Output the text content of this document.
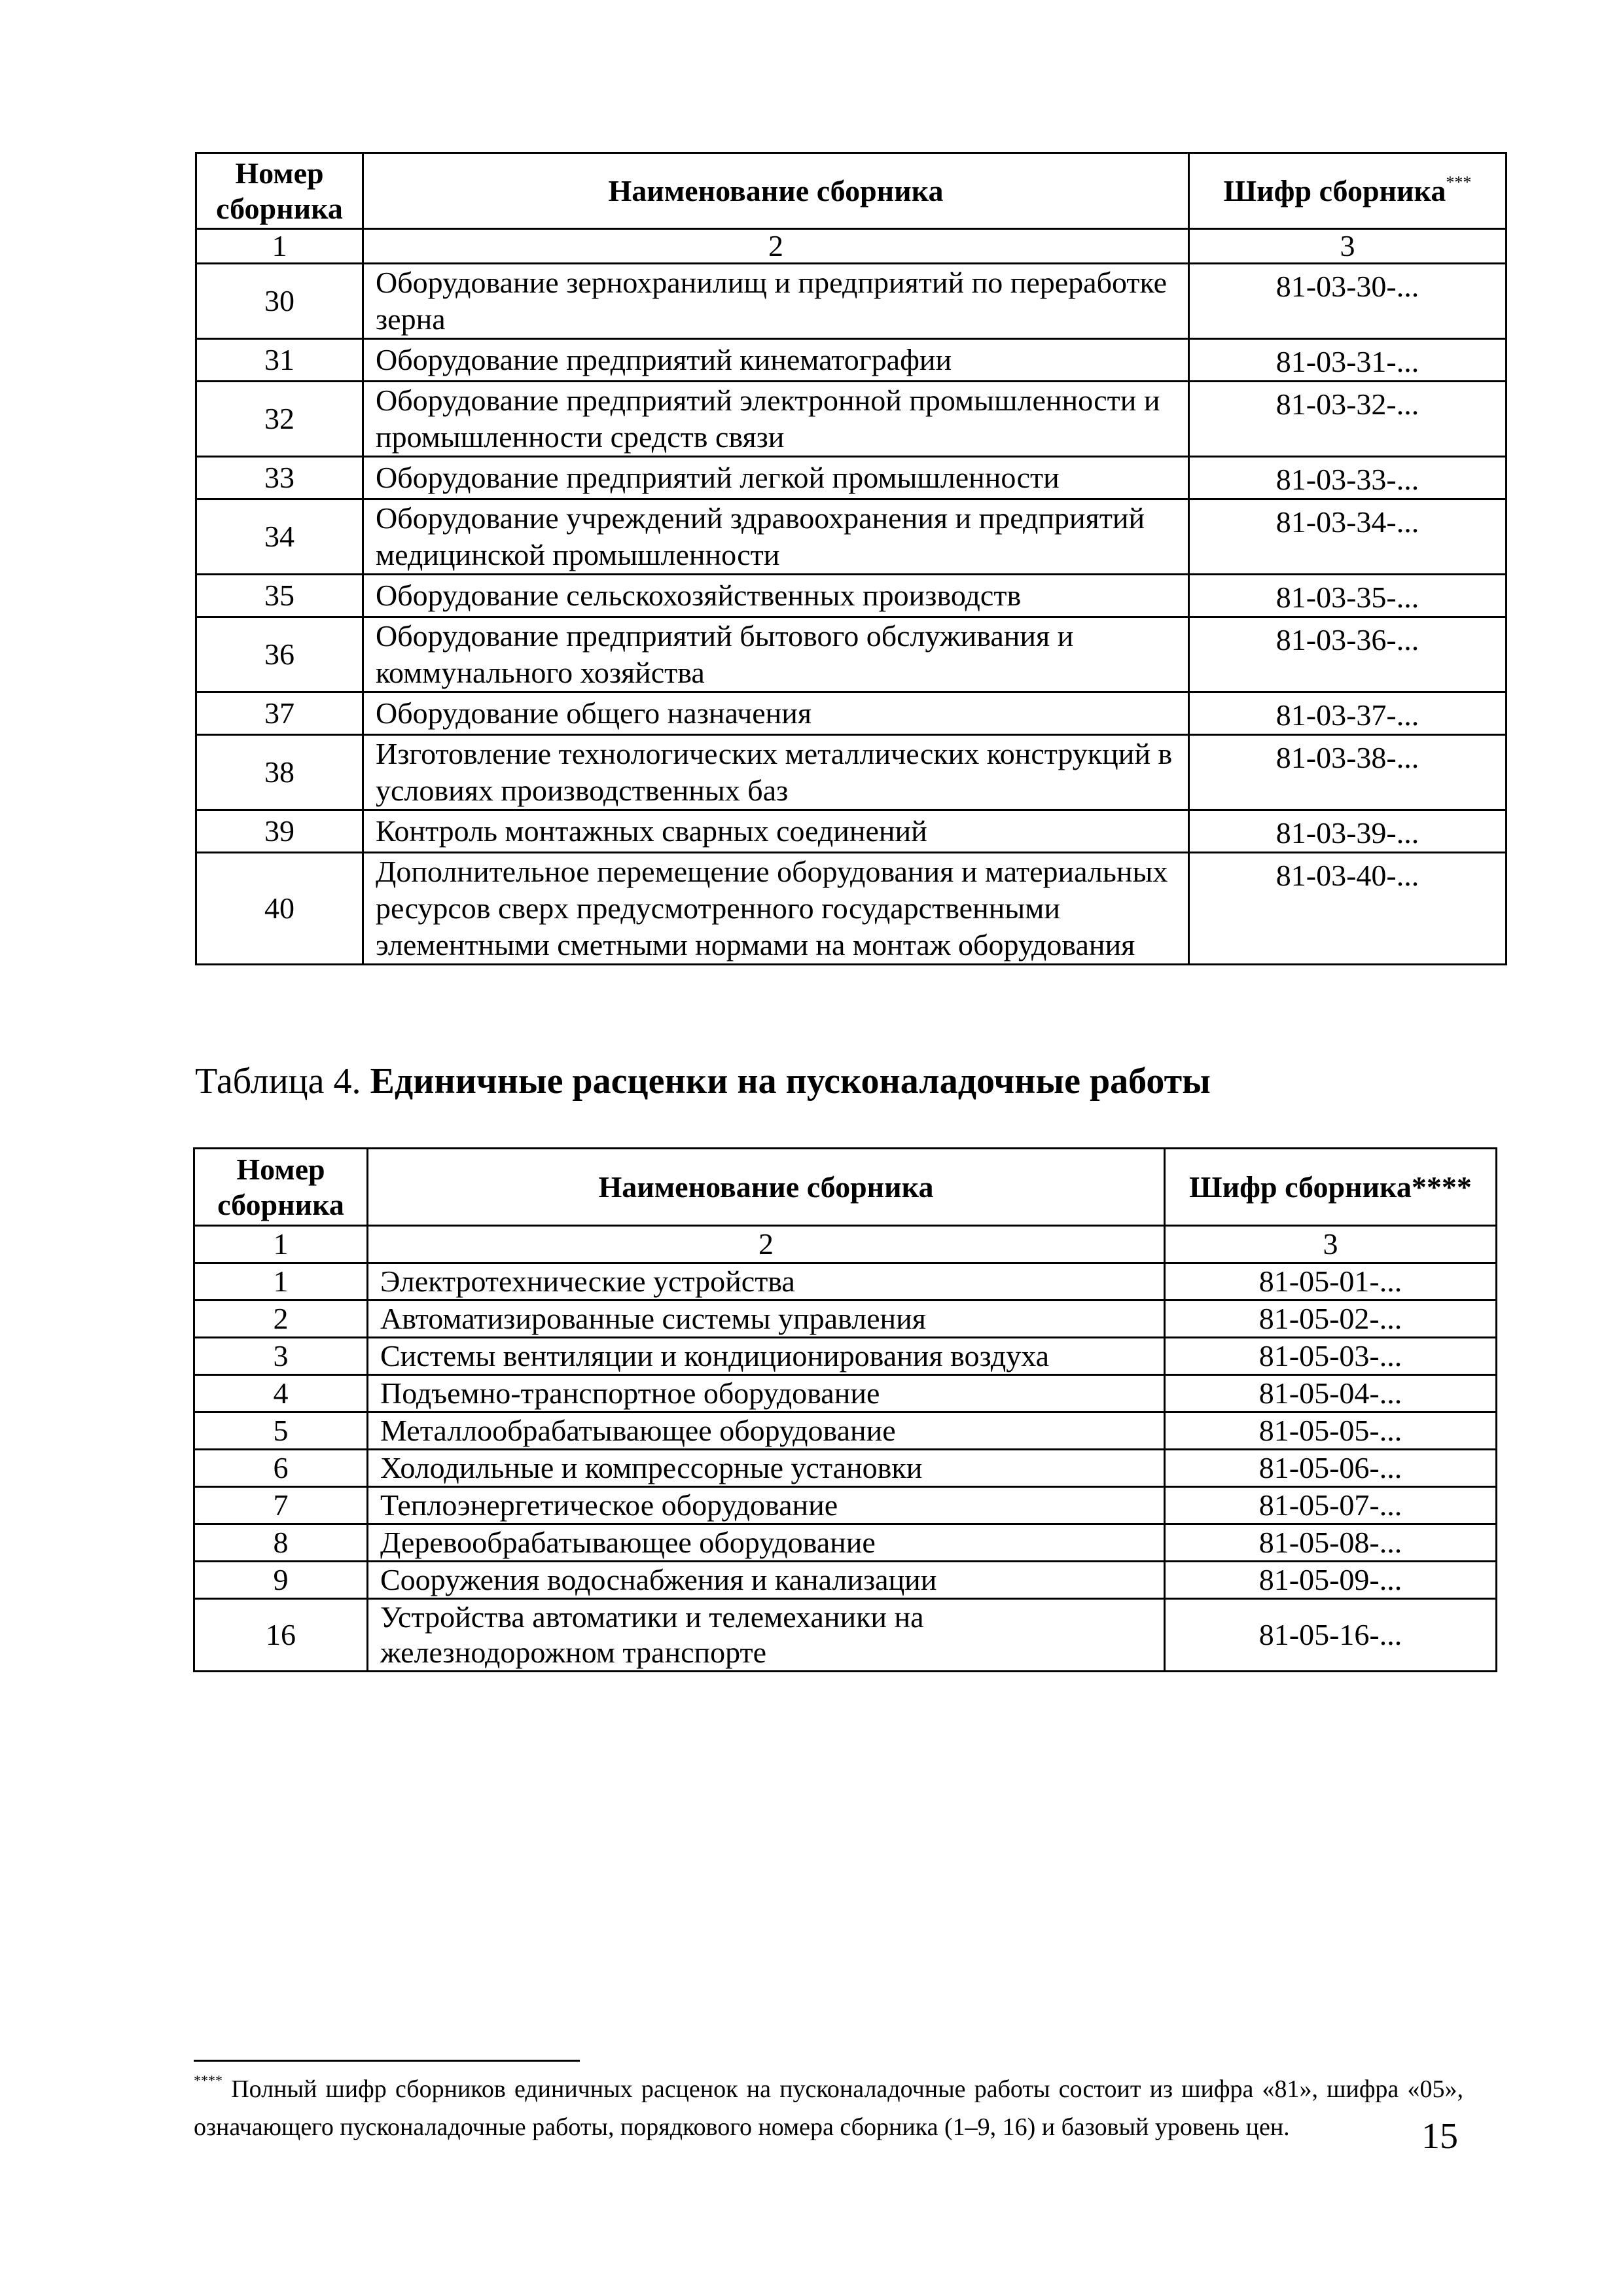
Номер сборника	Наименование сборника	Шифр сборника***
1	2	3
30	Оборудование зернохранилищ и предприятий по переработке зерна	81-03-30-...
31	Оборудование предприятий кинематографии	81-03-31-...
32	Оборудование предприятий электронной промышленности и промышленности средств связи	81-03-32-...
33	Оборудование предприятий легкой промышленности	81-03-33-...
34	Оборудование учреждений здравоохранения и предприятий медицинской промышленности	81-03-34-...
35	Оборудование сельскохозяйственных производств	81-03-35-...
36	Оборудование предприятий бытового обслуживания и коммунального хозяйства	81-03-36-...
37	Оборудование общего назначения	81-03-37-...
38	Изготовление технологических металлических конструкций в условиях производственных баз	81-03-38-...
39	Контроль монтажных сварных соединений	81-03-39-...
40	Дополнительное перемещение оборудования и материальных ресурсов сверх предусмотренного государственными элементными сметными нормами на монтаж оборудования	81-03-40-...
Таблица 4. Единичные расценки на пусконаладочные работы
Номер сборника	Наименование сборника	Шифр сборника****
1	2	3
1	Электротехнические устройства	81-05-01-...
2	Автоматизированные системы управления	81-05-02-...
3	Системы вентиляции и кондиционирования воздуха	81-05-03-...
4	Подъемно-транспортное оборудование	81-05-04-...
5	Металлообрабатывающее оборудование	81-05-05-...
6	Холодильные и компрессорные установки	81-05-06-...
7	Теплоэнергетическое оборудование	81-05-07-...
8	Деревообрабатывающее оборудование	81-05-08-...
9	Сооружения водоснабжения и канализации	81-05-09-...
16	Устройства автоматики и телемеханики на железнодорожном транспорте	81-05-16-...
**** Полный шифр сборников единичных расценок на пусконаладочные работы состоит из шифра «81», шифра «05», означающего пусконаладочные работы, порядкового номера сборника (1–9, 16) и базовый уровень цен.	15
